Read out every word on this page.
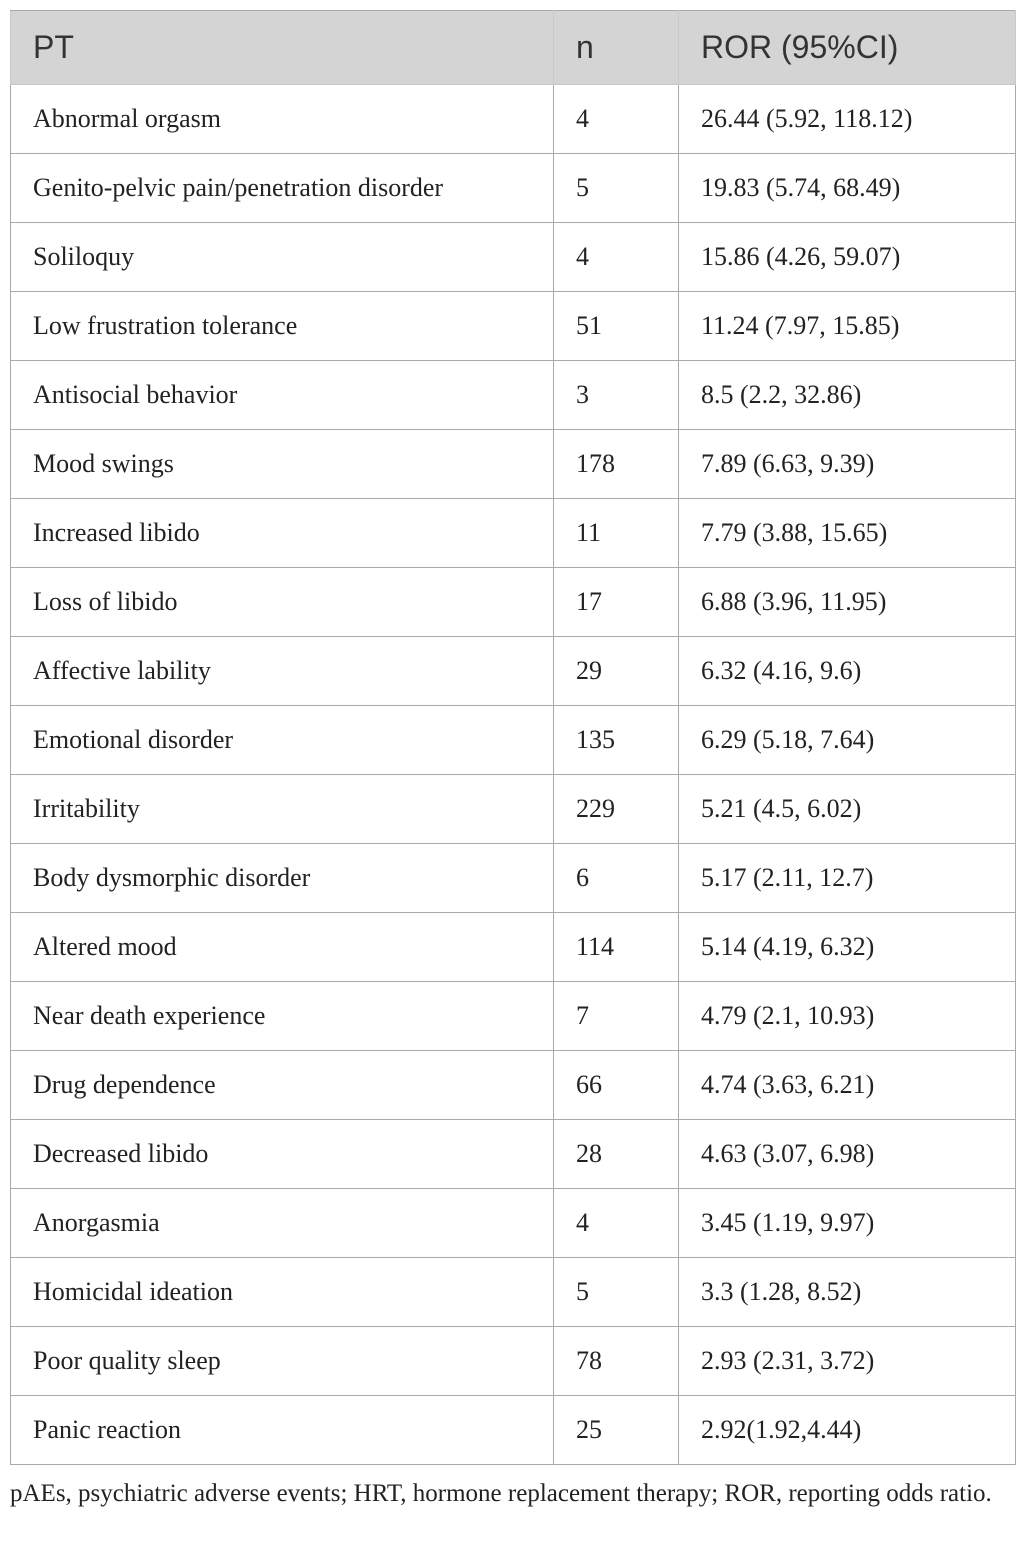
PT	n	ROR (95%CI)
Abnormal orgasm	4	26.44 (5.92, 118.12)
Genito-pelvic pain/penetration disorder	5	19.83 (5.74, 68.49)
Soliloquy	4	15.86 (4.26, 59.07)
Low frustration tolerance	51	11.24 (7.97, 15.85)
Antisocial behavior	3	8.5 (2.2, 32.86)
Mood swings	178	7.89 (6.63, 9.39)
Increased libido	11	7.79 (3.88, 15.65)
Loss of libido	17	6.88 (3.96, 11.95)
Affective lability	29	6.32 (4.16, 9.6)
Emotional disorder	135	6.29 (5.18, 7.64)
Irritability	229	5.21 (4.5, 6.02)
Body dysmorphic disorder	6	5.17 (2.11, 12.7)
Altered mood	114	5.14 (4.19, 6.32)
Near death experience	7	4.79 (2.1, 10.93)
Drug dependence	66	4.74 (3.63, 6.21)
Decreased libido	28	4.63 (3.07, 6.98)
Anorgasmia	4	3.45 (1.19, 9.97)
Homicidal ideation	5	3.3 (1.28, 8.52)
Poor quality sleep	78	2.93 (2.31, 3.72)
Panic reaction	25	2.92(1.92,4.44)
pAEs, psychiatric adverse events; HRT, hormone replacement therapy; ROR, reporting odds ratio.
